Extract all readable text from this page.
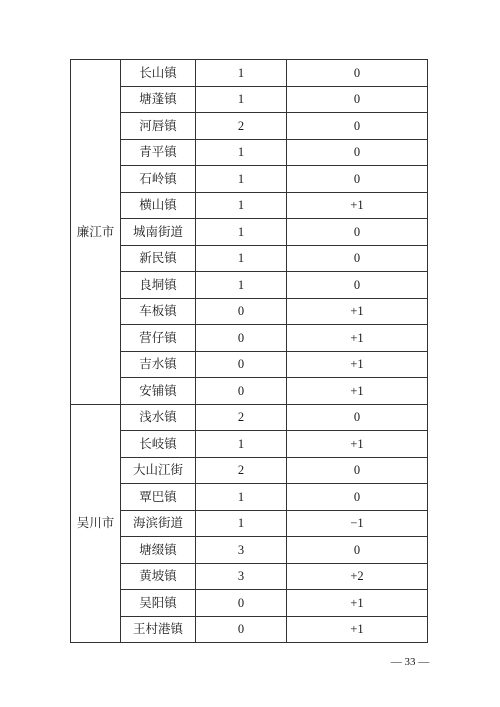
廉江市	长山镇	1	0
	塘蓬镇	1	0
	河唇镇	2	0
	青平镇	1	0
	石岭镇	1	0
	横山镇	1	+1
	城南街道	1	0
	新民镇	1	0
	良垌镇	1	0
	车板镇	0	+1
	营仔镇	0	+1
	吉水镇	0	+1
	安铺镇	0	+1
吴川市	浅水镇	2	0
	长岐镇	1	+1
	大山江街	2	0
	覃巴镇	1	0
	海滨街道	1	−1
	塘缀镇	3	0
	黄坡镇	3	+2
	吴阳镇	0	+1
	王村港镇	0	+1
— 33 —
